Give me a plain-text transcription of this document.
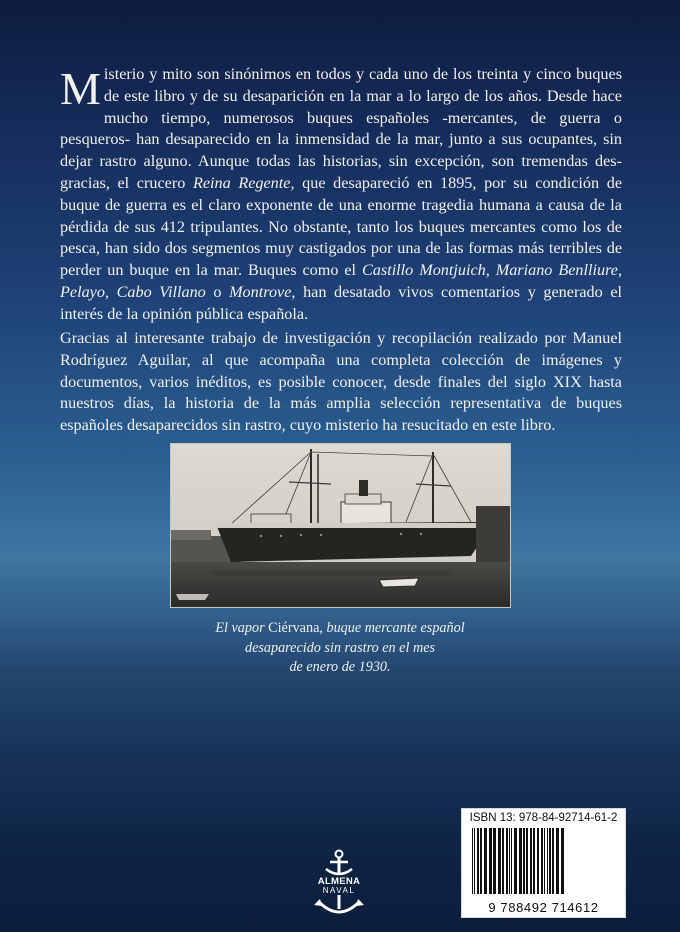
Misterio y mito son sinónimos en todos y cada uno de los treinta y cinco buques de este libro y de su desaparición en la mar a lo largo de los años. Desde hace mucho tiempo, numerosos buques españoles -mercantes, de guerra o pesqueros- han desaparecido en la inmensidad de la mar, junto a sus ocupantes, sin dejar rastro alguno. Aunque todas las historias, sin excepción, son tremendas des-gracias, el crucero Reina Regente, que desapareció en 1895, por su condición de buque de guerra es el claro exponente de una enorme tragedia humana a causa de la pérdida de sus 412 tripulantes. No obstante, tanto los buques mercantes como los de pesca, han sido dos segmentos muy castigados por una de las formas más terribles de perder un buque en la mar. Buques como el Castillo Montjuich, Mariano Benlliure, Pelayo, Cabo Villano o Montrove, han desatado vivos comentarios y generado el interés de la opinión pública española.
Gracias al interesante trabajo de investigación y recopilación realizado por Manuel Rodríguez Aguilar, al que acompaña una completa colección de imágenes y documentos, varios inéditos, es posible conocer, desde finales del siglo XIX hasta nuestros días, la historia de la más amplia selección representativa de buques españoles desaparecidos sin rastro, cuyo misterio ha resucitado en este libro.
El vapor Ciérvana, buque mercante español
desaparecido sin rastro en el mes
de enero de 1930.
ALMENA
NAVAL
ISBN 13: 978-84-92714-61-2
9 788492 714612
